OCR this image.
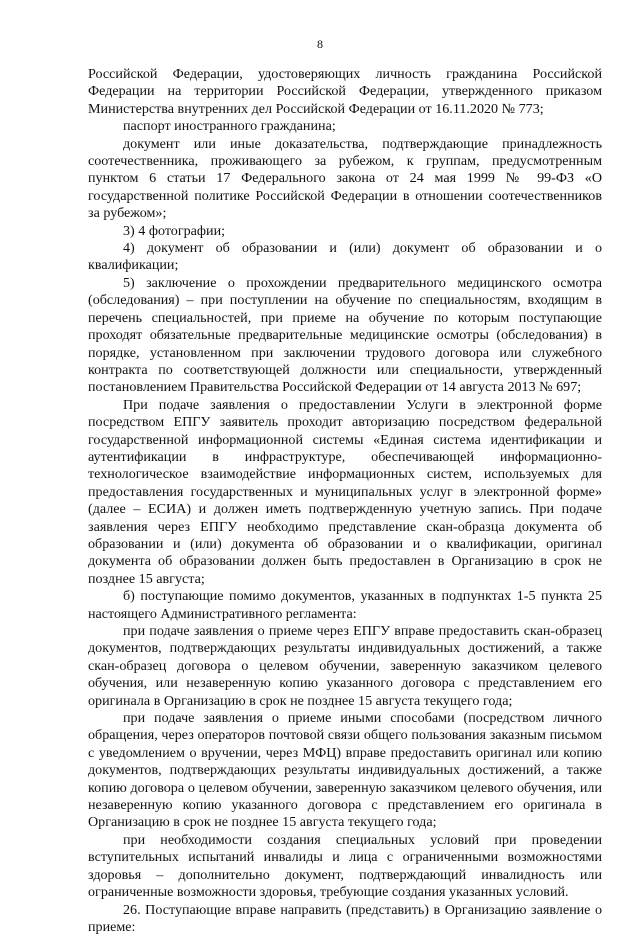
8

Российской Федерации, удостоверяющих личность гражданина Российской Федерации на территории Российской Федерации, утвержденного приказом Министерства внутренних дел Российской Федерации от 16.11.2020 № 773;

паспорт иностранного гражданина;

документ или иные доказательства, подтверждающие принадлежность соотечественника, проживающего за рубежом, к группам, предусмотренным пунктом 6 статьи 17 Федерального закона от 24 мая 1999 № 99-ФЗ «О государственной политике Российской Федерации в отношении соотечественников за рубежом»;

3) 4 фотографии;

4) документ об образовании и (или) документ об образовании и о квалификации;

5) заключение о прохождении предварительного медицинского осмотра (обследования) – при поступлении на обучение по специальностям, входящим в перечень специальностей, при приеме на обучение по которым поступающие проходят обязательные предварительные медицинские осмотры (обследования) в порядке, установленном при заключении трудового договора или служебного контракта по соответствующей должности или специальности, утвержденный постановлением Правительства Российской Федерации от 14 августа 2013 № 697;

При подаче заявления о предоставлении Услуги в электронной форме посредством ЕПГУ заявитель проходит авторизацию посредством федеральной государственной информационной системы «Единая система идентификации и аутентификации в инфраструктуре, обеспечивающей информационно-технологическое взаимодействие информационных систем, используемых для предоставления государственных и муниципальных услуг в электронной форме» (далее – ЕСИА) и должен иметь подтвержденную учетную запись. При подаче заявления через ЕПГУ необходимо представление скан-образца документа об образовании и (или) документа об образовании и о квалификации, оригинал документа об образовании должен быть предоставлен в Организацию в срок не позднее 15 августа;

б) поступающие помимо документов, указанных в подпунктах 1-5 пункта 25 настоящего Административного регламента:

при подаче заявления о приеме через ЕПГУ вправе предоставить скан-образец документов, подтверждающих результаты индивидуальных достижений, а также скан-образец договора о целевом обучении, заверенную заказчиком целевого обучения, или незаверенную копию указанного договора с представлением его оригинала в Организацию в срок не позднее 15 августа текущего года;

при подаче заявления о приеме иными способами (посредством личного обращения, через операторов почтовой связи общего пользования заказным письмом с уведомлением о вручении, через МФЦ) вправе предоставить оригинал или копию документов, подтверждающих результаты индивидуальных достижений, а также копию договора о целевом обучении, заверенную заказчиком целевого обучения, или незаверенную копию указанного договора с представлением его оригинала в Организацию в срок не позднее 15 августа текущего года;

при необходимости создания специальных условий при проведении вступительных испытаний инвалиды и лица с ограниченными возможностями здоровья – дополнительно документ, подтверждающий инвалидность или ограниченные возможности здоровья, требующие создания указанных условий.

26. Поступающие вправе направить (представить) в Организацию заявление о приеме:
